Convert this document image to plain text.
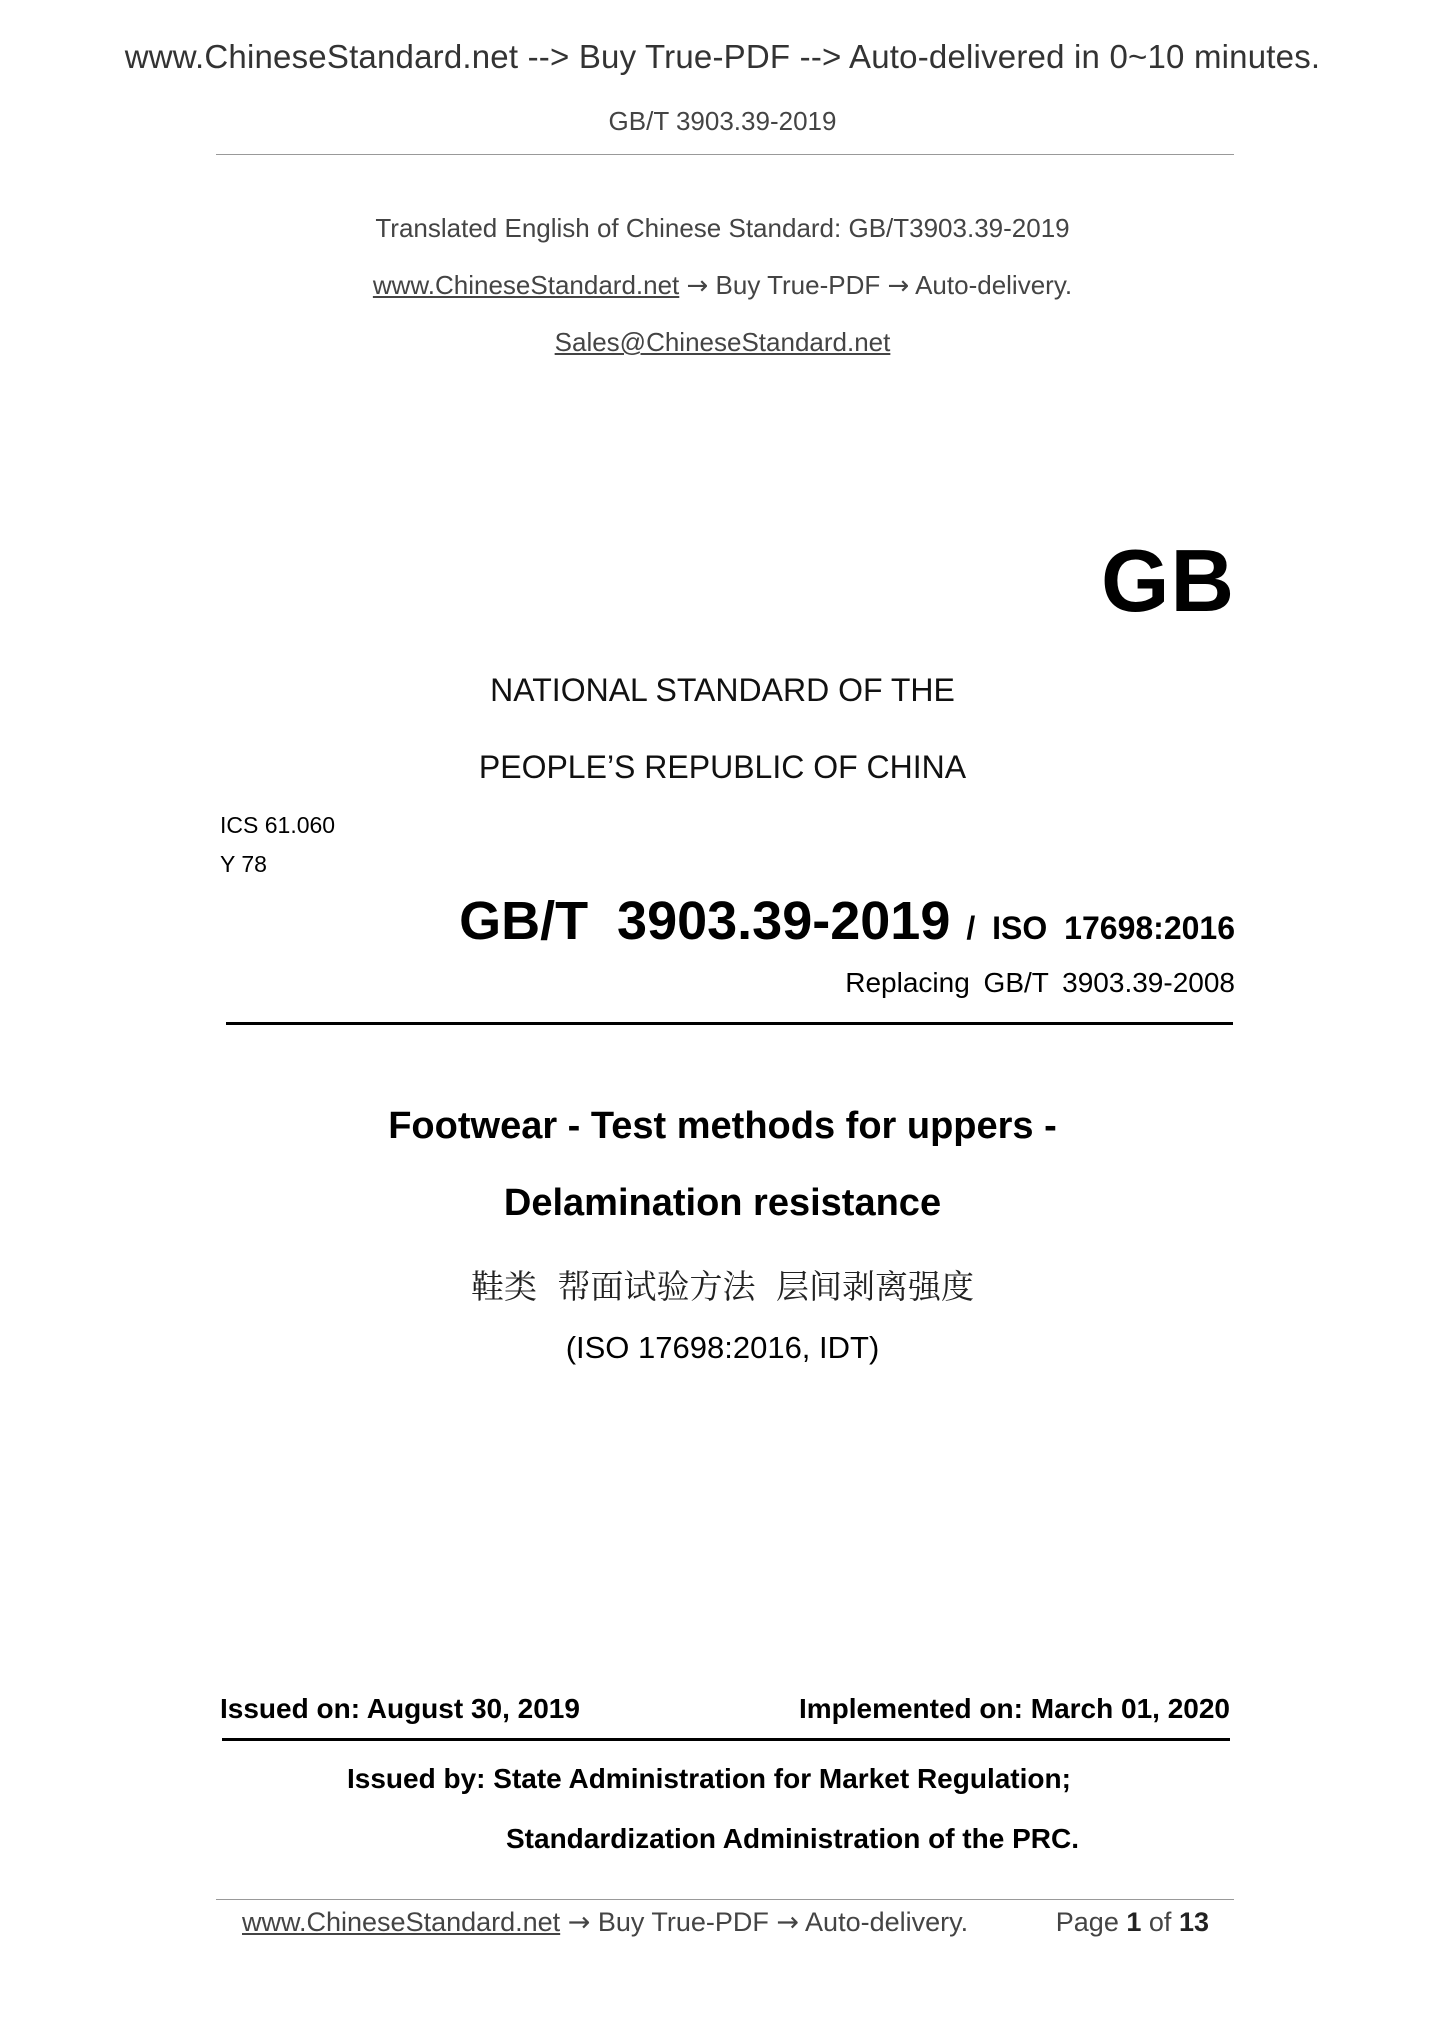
www.ChineseStandard.net --> Buy True-PDF --> Auto-delivered in 0~10 minutes.
GB/T 3903.39-2019
Translated English of Chinese Standard: GB/T3903.39-2019
www.ChineseStandard.net → Buy True-PDF → Auto-delivery.
Sales@ChineseStandard.net
GB
NATIONAL STANDARD OF THE
PEOPLE’S REPUBLIC OF CHINA
ICS 61.060
Y 78
GB/T 3903.39-2019 / ISO 17698:2016
Replacing GB/T 3903.39-2008
Footwear - Test methods for uppers -
Delamination resistance
鞋类 帮面试验方法 层间剥离强度
(ISO 17698:2016, IDT)
Issued on: August 30, 2019	Implemented on: March 01, 2020
Issued by: State Administration for Market Regulation;
Standardization Administration of the PRC.
www.ChineseStandard.net → Buy True-PDF → Auto-delivery.	Page 1 of 13
